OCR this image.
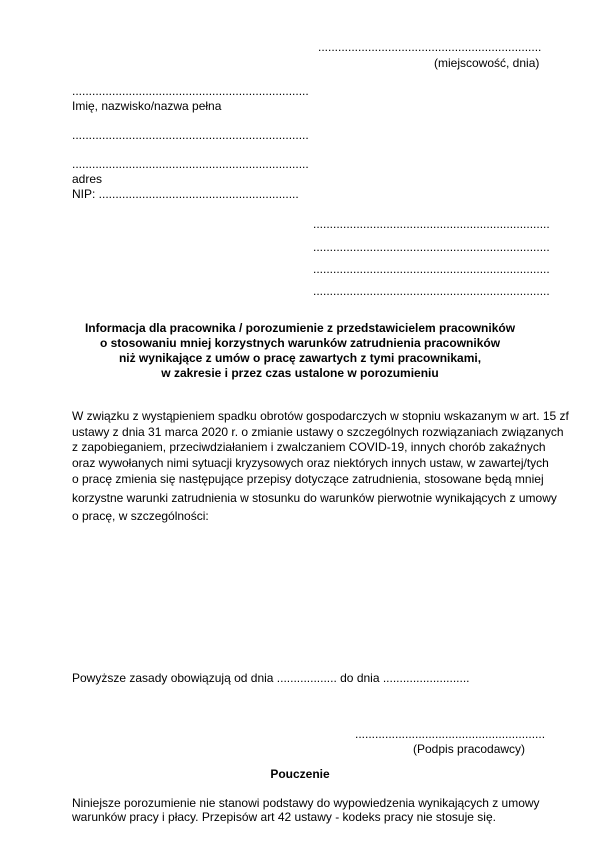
...................................................................
(miejscowość, dnia)
.......................................................................
Imię, nazwisko/nazwa pełna
.......................................................................
.......................................................................
adres
NIP: ............................................................
.......................................................................
.......................................................................
.......................................................................
.......................................................................
Informacja dla pracownika / porozumienie z przedstawicielem pracowników
o stosowaniu mniej korzystnych warunków zatrudnienia pracowników
niż wynikające z umów o pracę zawartych z tymi pracownikami,
w zakresie i przez czas ustalone w porozumieniu
W związku z wystąpieniem spadku obrotów gospodarczych w stopniu wskazanym w art. 15 zf
ustawy z dnia 31 marca 2020 r. o zmianie ustawy o szczególnych rozwiązaniach związanych
z zapobieganiem, przeciwdziałaniem i zwalczaniem COVID-19, innych chorób zakaźnych
oraz wywołanych nimi sytuacji kryzysowych oraz niektórych innych ustaw, w zawartej/tych
o pracę zmienia się następujące przepisy dotyczące zatrudnienia, stosowane będą mniej
korzystne warunki zatrudnienia w stosunku do warunków pierwotnie wynikających z umowy
o pracę, w szczególności:
Powyższe zasady obowiązują od dnia .................. do dnia ..........................
.........................................................
(Podpis pracodawcy)
Pouczenie
Niniejsze porozumienie nie stanowi podstawy do wypowiedzenia wynikających z umowy
warunków pracy i płacy. Przepisów art 42 ustawy - kodeks pracy nie stosuje się.
